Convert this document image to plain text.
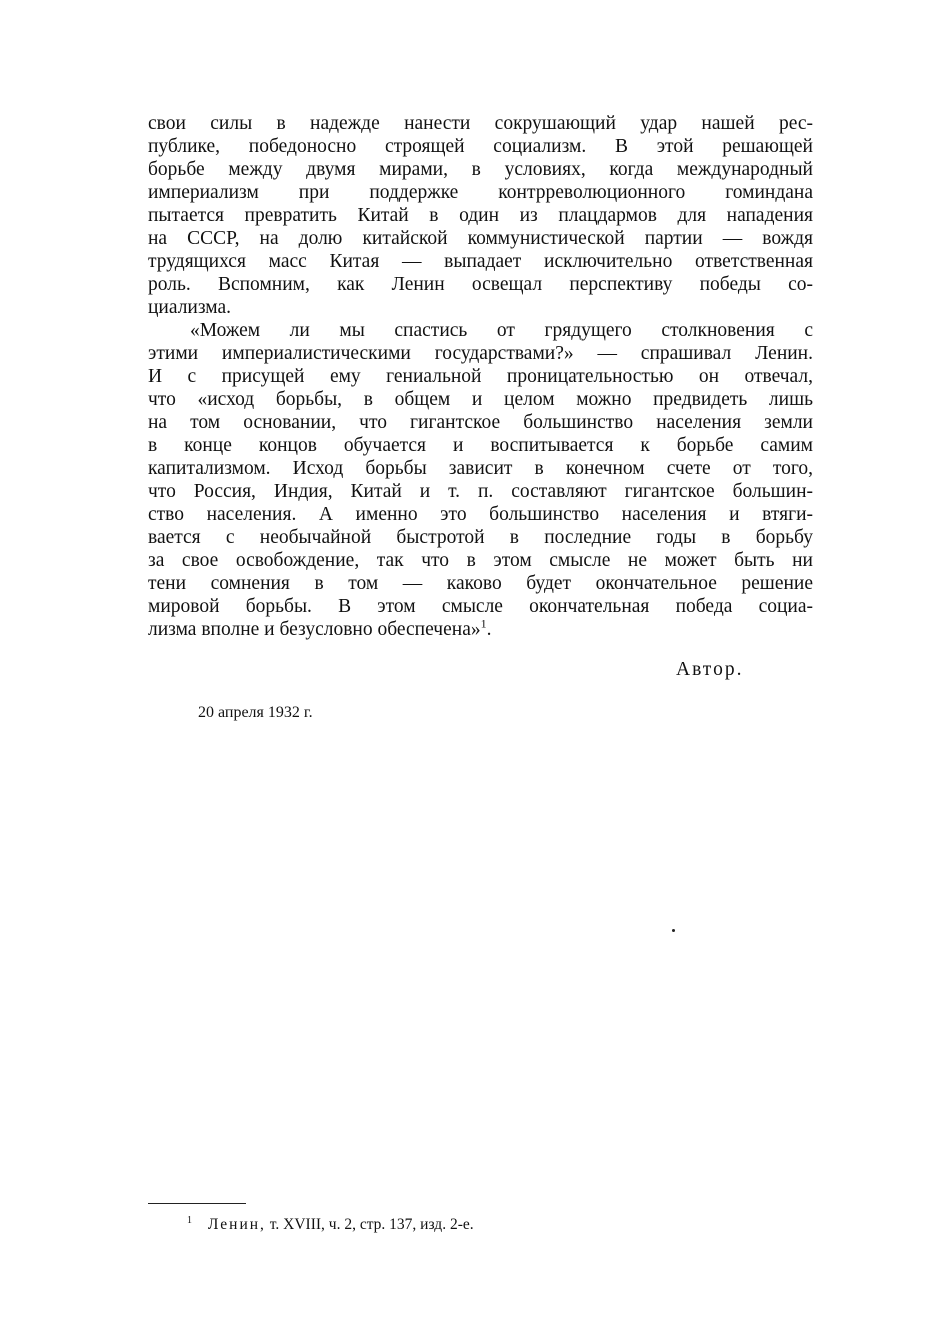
свои силы в надежде нанести сокрушающий удар нашей рес-
публике, победоносно строящей социализм. В этой решающей
борьбе между двумя мирами, в условиях, когда международный
империализм при поддержке контрреволюционного гоминдана
пытается превратить Китай в один из плацдармов для нападения
на СССР, на долю китайской коммунистической партии — вождя
трудящихся масс Китая — выпадает исключительно ответственная
роль. Вспомним, как Ленин освещал перспективу победы со-
циализма.
«Можем ли мы спастись от грядущего столкновения с
этими империалистическими государствами?» — спрашивал Ленин.
И с присущей ему гениальной проницательностью он отвечал,
что «исход борьбы, в общем и целом можно предвидеть лишь
на том основании, что гигантское большинство населения земли
в конце концов обучается и воспитывается к борьбе самим
капитализмом. Исход борьбы зависит в конечном счете от того,
что Россия, Индия, Китай и т. п. составляют гигантское большин-
ство населения. А именно это большинство населения и втяги-
вается с необычайной быстротой в последние годы в борьбу
за свое освобождение, так что в этом смысле не может быть ни
тени сомнения в том — каково будет окончательное решение
мировой борьбы. В этом смысле окончательная победа социа-
лизма вполне и безусловно обеспечена»$^1$.
Автор.
20 апреля 1932 г.
$^1$ Ленин, т. XVIII, ч. 2, стр. 137, изд. 2-е.
